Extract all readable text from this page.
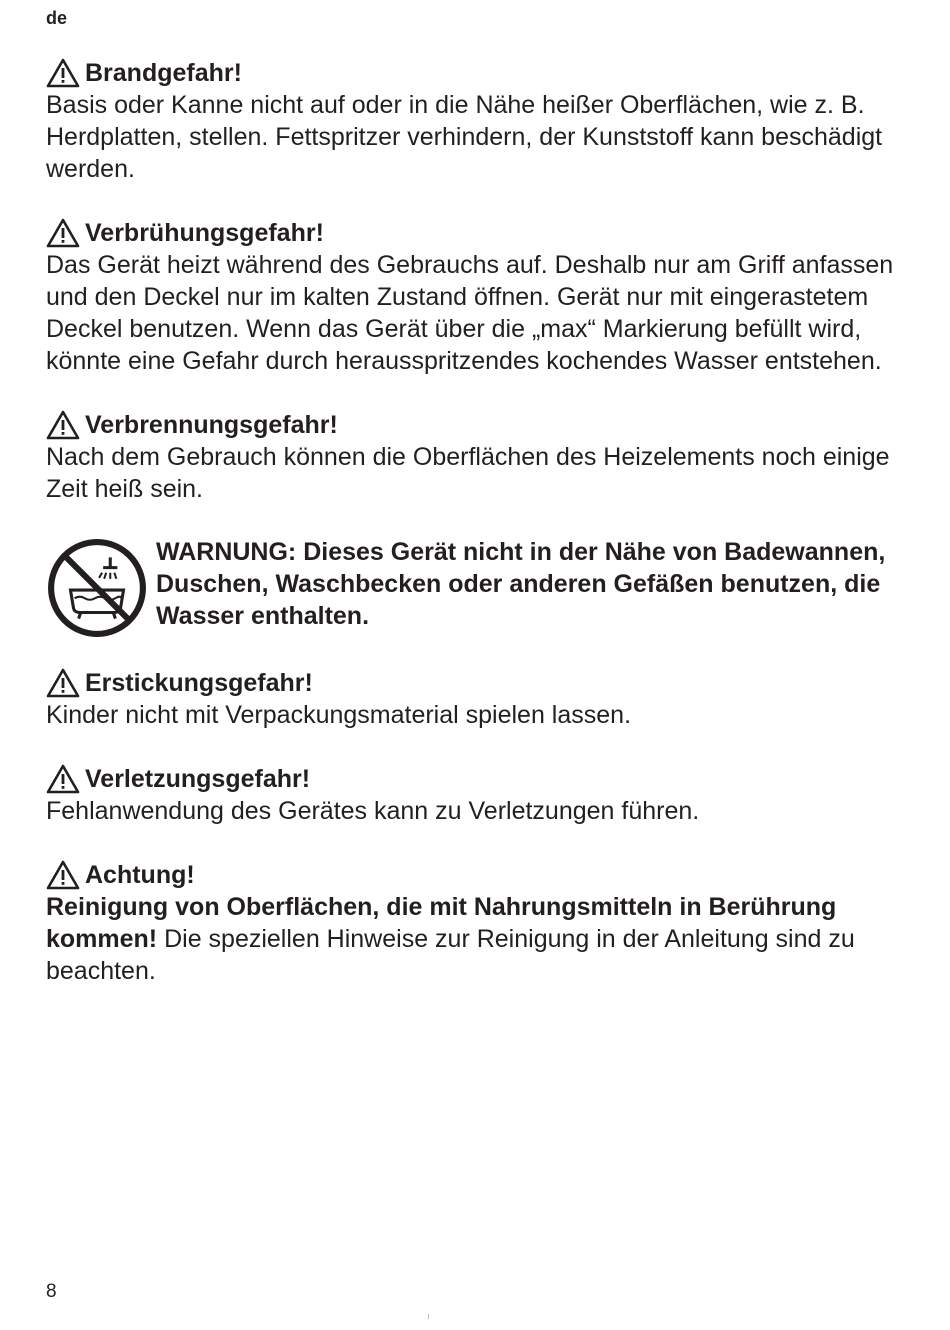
de
Brandgefahr!
Basis oder Kanne nicht auf oder in die Nähe heißer Oberflächen, wie z. B. Herdplatten, stellen. Fettspritzer verhindern, der Kunststoff kann beschädigt werden.
Verbrühungsgefahr!
Das Gerät heizt während des Gebrauchs auf. Deshalb nur am Griff anfassen und den Deckel nur im kalten Zustand öffnen. Gerät nur mit eingerastetem Deckel benutzen. Wenn das Gerät über die „max“ Markierung befüllt wird, könnte eine Gefahr durch herausspritzendes kochendes Wasser entstehen.
Verbrennungsgefahr!
Nach dem Gebrauch können die Oberflächen des Heizelements noch einige Zeit heiß sein.
WARNUNG: Dieses Gerät nicht in der Nähe von Badewannen, Duschen, Waschbecken oder anderen Gefäßen benutzen, die Wasser enthalten.
Erstickungsgefahr!
Kinder nicht mit Verpackungsmaterial spielen lassen.
Verletzungsgefahr!
Fehlanwendung des Gerätes kann zu Verletzungen führen.
Achtung!
Reinigung von Oberflächen, die mit Nahrungsmitteln in Berührung kommen! Die speziellen Hinweise zur Reinigung in der Anleitung sind zu beachten.
8
